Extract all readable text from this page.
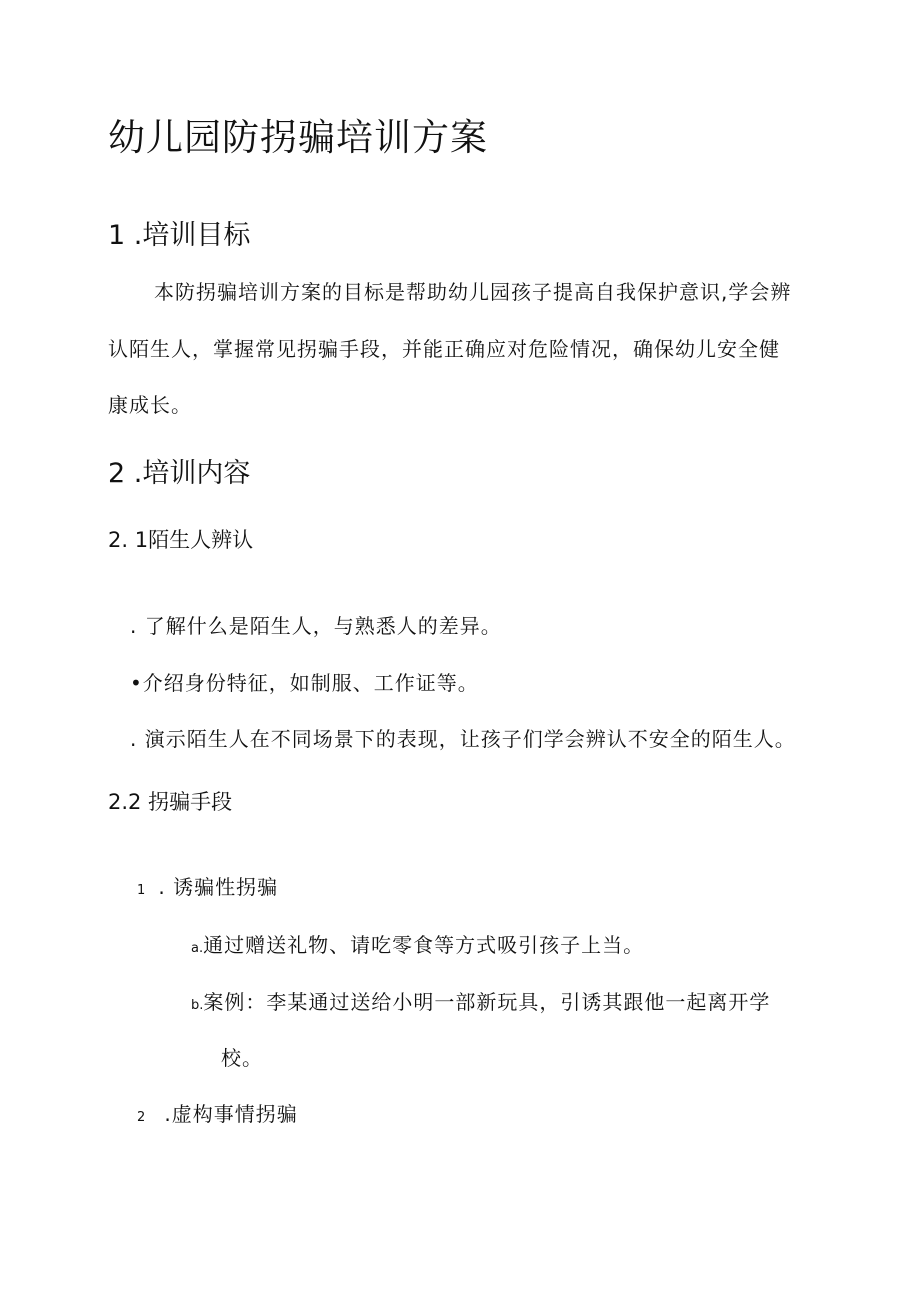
幼儿园防拐骗培训方案
1 .培训目标
本防拐骗培训方案的目标是帮助幼儿园孩子提高自我保护意识,学会辨
认陌生人，掌握常见拐骗手段，并能正确应对危险情况，确保幼儿安全健
康成长。
2 .培训内容
2. 1陌生人辨认
. 了解什么是陌生人，与熟悉人的差异。
•介绍身份特征，如制服、工作证等。
. 演示陌生人在不同场景下的表现，让孩子们学会辨认不安全的陌生人。
2.2 拐骗手段
1 . 诱骗性拐骗
a.通过赠送礼物、请吃零食等方式吸引孩子上当。
b.案例：李某通过送给小明一部新玩具，引诱其跟他一起离开学
校。
2 .虚构事情拐骗
